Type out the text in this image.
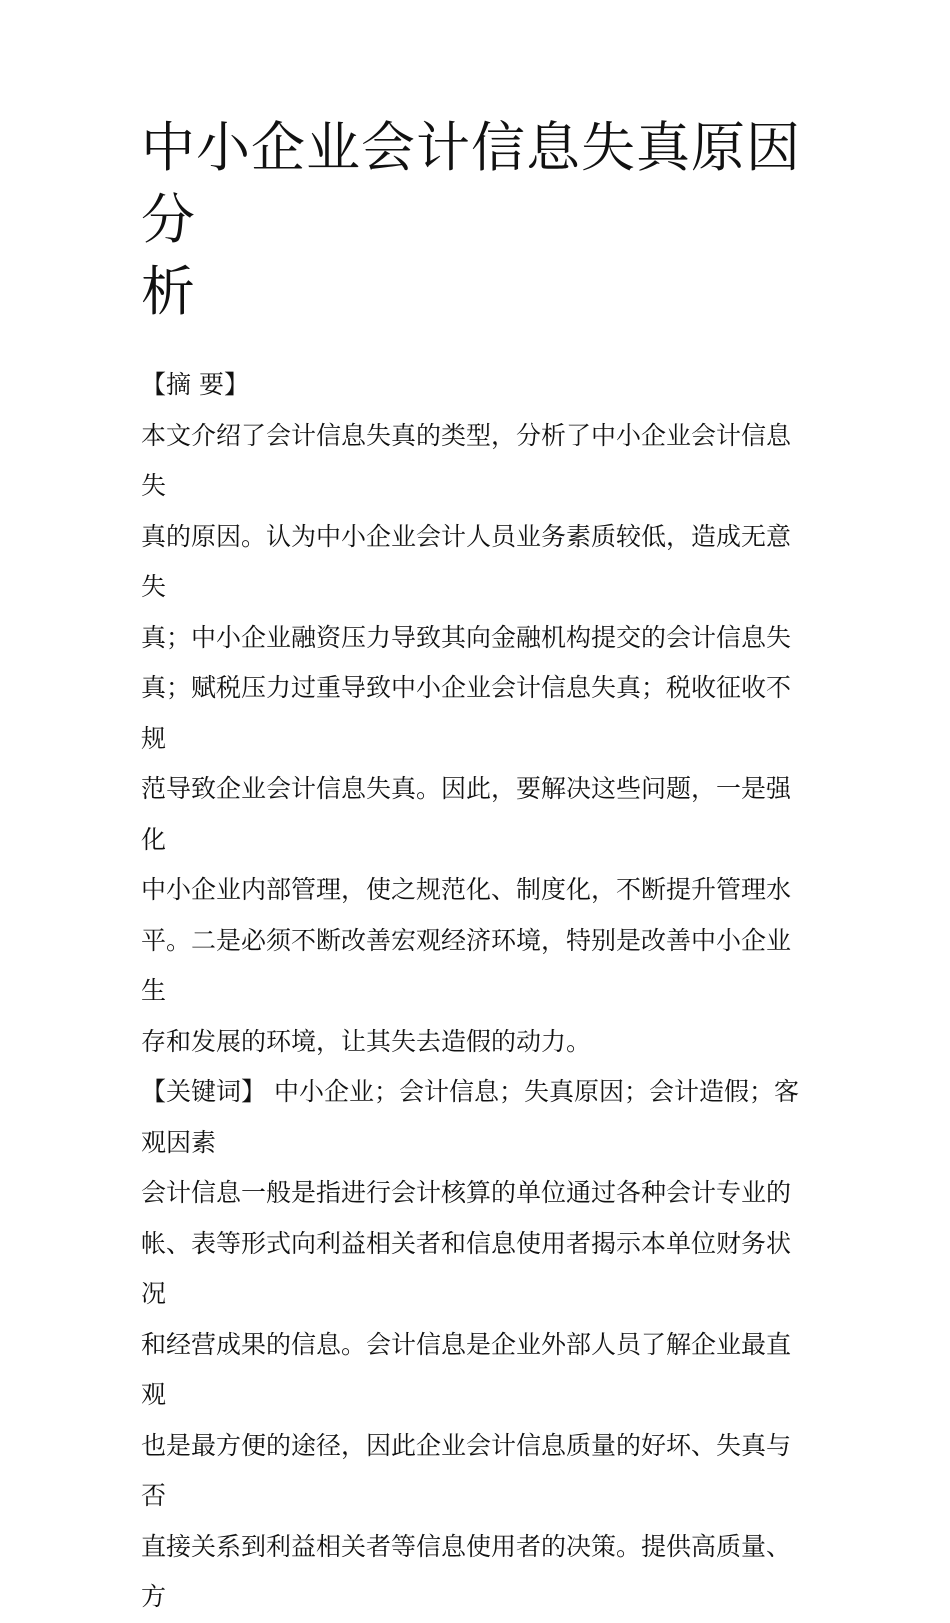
中小企业会计信息失真原因分
析

【摘 要】

本文介绍了会计信息失真的类型，分析了中小企业会计信息失
真的原因。认为中小企业会计人员业务素质较低，造成无意失
真；中小企业融资压力导致其向金融机构提交的会计信息失
真；赋税压力过重导致中小企业会计信息失真；税收征收不规
范导致企业会计信息失真。因此，要解决这些问题，一是强化
中小企业内部管理，使之规范化、制度化，不断提升管理水
平。二是必须不断改善宏观经济环境，特别是改善中小企业生
存和发展的环境，让其失去造假的动力。

【关键词】 中小企业；会计信息；失真原因；会计造假；客
观因素

会计信息一般是指进行会计核算的单位通过各种会计专业的
帐、表等形式向利益相关者和信息使用者揭示本单位财务状况
和经营成果的信息。会计信息是企业外部人员了解企业最直观
也是最方便的途径，因此企业会计信息质量的好坏、失真与否
直接关系到利益相关者等信息使用者的决策。提供高质量、方
